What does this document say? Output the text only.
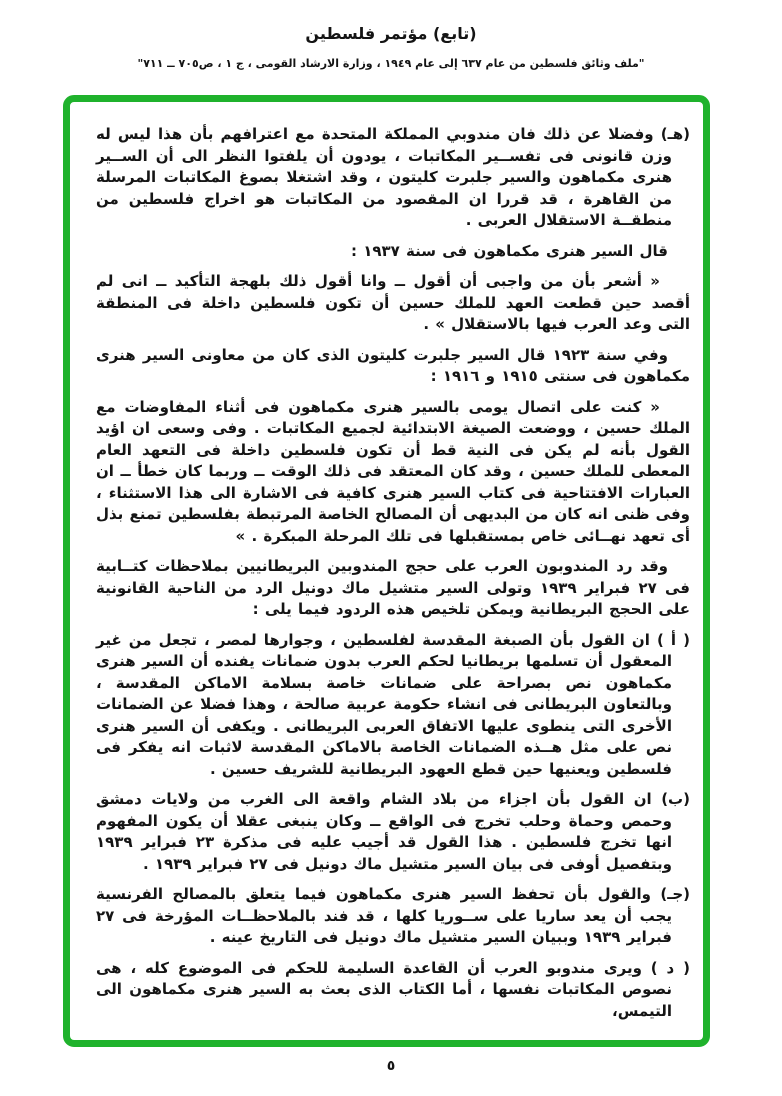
(تابع) مؤتمر فلسطين
"ملف وثائق فلسطين من عام ٦٣٧ إلى عام ١٩٤٩ ، وزارة الارشاد القومى ، ج ١ ، ص٧٠٥ ــ ٧١١"

(هـ) وفضلا عن ذلك فان مندوبي المملكة المتحدة مع اعترافهم بأن هذا ليس له وزن قانونى فى تفســير المكاتبات ، يودون أن يلفتوا النظر الى أن الســير هنرى مكماهون والسير جلبرت كليتون ، وقد اشتغلا بصوغ المكاتبات المرسلة من القاهرة ، قد قررا ان المقصود من المكاتبات هو اخراج فلسطين من منطقــة الاستقلال العربى .

قال السير هنرى مكماهون فى سنة ١٩٣٧ :

« أشعر بأن من واجبى أن أقول ــ وانا أقول ذلك بلهجة التأكيد ــ انى لم أقصد حين قطعت العهد للملك حسين أن تكون فلسطين داخلة فى المنطقة التى وعد العرب فيها بالاستقلال » .

وفي سنة ١٩٢٣ قال السير جلبرت كليتون الذى كان من معاونى السير هنرى مكماهون فى سنتى ١٩١٥ و ١٩١٦ :

« كنت على اتصال يومى بالسير هنرى مكماهون فى أثناء المفاوضات مع الملك حسين ، ووضعت الصيغة الابتدائية لجميع المكاتبات . وفى وسعى ان اؤيد القول بأنه لم يكن فى النية قط أن تكون فلسطين داخلة فى التعهد العام المعطى للملك حسين ، وقد كان المعتقد فى ذلك الوقت ــ وربما كان خطأ ــ ان العبارات الافتتاحية فى كتاب السير هنرى كافية فى الاشارة الى هذا الاستثناء ، وفى ظنى انه كان من البديهى أن المصالح الخاصة المرتبطة بفلسطين تمنع بذل أى تعهد نهــائى خاص بمستقبلها فى تلك المرحلة المبكرة . »

وقد رد المندوبون العرب على حجج المندوبين البريطانيين بملاحظات كتــابية فى ٢٧ فبراير ١٩٣٩ وتولى السير متشيل ماك دونيل الرد من الناحية القانونية على الحجج البريطانية ويمكن تلخيص هذه الردود فيما يلى :

( أ ) ان القول بأن الصبغة المقدسة لفلسطين ، وجوارها لمصر ، تجعل من غير المعقول أن تسلمها بريطانيا لحكم العرب بدون ضمانات يفنده أن السير هنرى مكماهون نص بصراحة على ضمانات خاصة بسلامة الاماكن المقدسة ، وبالتعاون البريطانى فى انشاء حكومة عربية صالحة ، وهذا فضلا عن الضمانات الأخرى التى ينطوى عليها الاتفاق العربى البريطانى . ويكفى أن السير هنرى نص على مثل هــذه الضمانات الخاصة بالاماكن المقدسة لاثبات انه يفكر فى فلسطين ويعنيها حين قطع العهود البريطانية للشريف حسين .

(ب) ان القول بأن اجزاء من بلاد الشام واقعة الى الغرب من ولايات دمشق وحمص وحماة وحلب تخرج فى الواقع ــ وكان ينبغى عقلا أن يكون المفهوم انها تخرج فلسطين . هذا القول قد أجيب عليه فى مذكرة ٢٣ فبراير ١٩٣٩ وبتفصيل أوفى فى بيان السير متشيل ماك دونيل فى ٢٧ فبراير ١٩٣٩ .

(جـ) والقول بأن تحفظ السير هنرى مكماهون فيما يتعلق بالمصالح الفرنسية يجب أن يعد ساريا على ســوريا كلها ، قد فند بالملاحظــات المؤرخة فى ٢٧ فبراير ١٩٣٩ وببيان السير متشيل ماك دونيل فى التاريخ عينه .

( د ) ويرى مندوبو العرب أن القاعدة السليمة للحكم فى الموضوع كله ، هى نصوص المكاتبات نفسها ، أما الكتاب الذى بعث به السير هنرى مكماهون الى التيمس،

٥
